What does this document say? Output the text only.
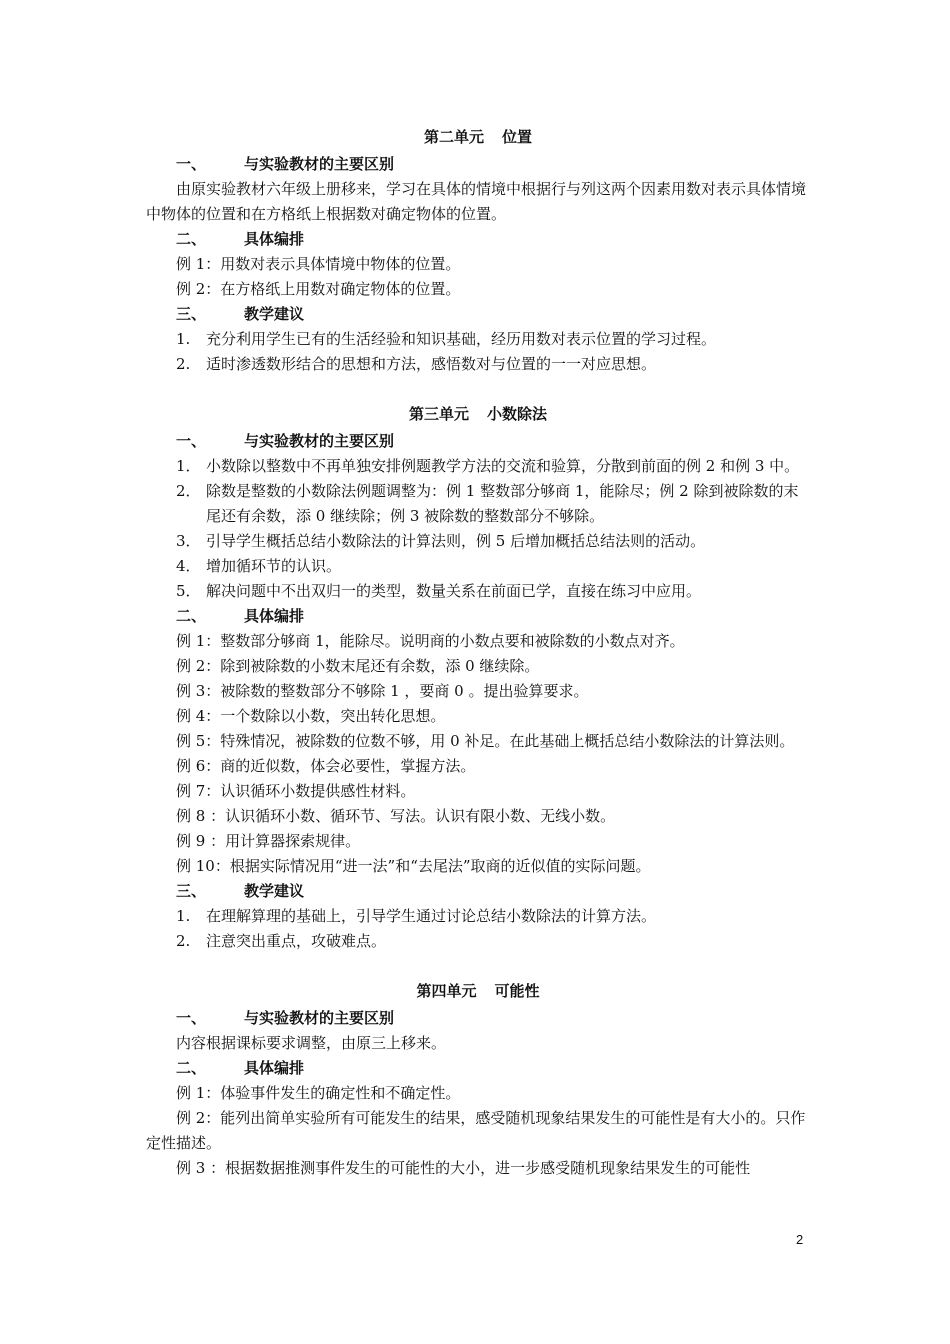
第二单元 位置
一、	与实验教材的主要区别
由原实验教材六年级上册移来，学习在具体的情境中根据行与列这两个因素用数对表示具体情境中物体的位置和在方格纸上根据数对确定物体的位置。
二、	具体编排
例 1：用数对表示具体情境中物体的位置。
例 2：在方格纸上用数对确定物体的位置。
三、	教学建议
1.	充分利用学生已有的生活经验和知识基础，经历用数对表示位置的学习过程。
2.	适时渗透数形结合的思想和方法，感悟数对与位置的一一对应思想。
第三单元 小数除法
一、	与实验教材的主要区别
1． 小数除以整数中不再单独安排例题教学方法的交流和验算，分散到前面的例 2 和例 3 中。
2． 除数是整数的小数除法例题调整为：例 1 整数部分够商 1，能除尽；例 2 除到被除数的末尾还有余数，添 0 继续除；例 3 被除数的整数部分不够除。
3． 引导学生概括总结小数除法的计算法则，例 5 后增加概括总结法则的活动。
4． 增加循环节的认识。
5． 解决问题中不出双归一的类型，数量关系在前面已学，直接在练习中应用。
二、	具体编排
例 1：整数部分够商 1，能除尽。说明商的小数点要和被除数的小数点对齐。
例 2：除到被除数的小数末尾还有余数，添 0 继续除。
例 3：被除数的整数部分不够除 1 ，要商 0 。提出验算要求。
例 4：一个数除以小数，突出转化思想。
例 5：特殊情况，被除数的位数不够，用 0 补足。在此基础上概括总结小数除法的计算法则。
例 6：商的近似数，体会必要性，掌握方法。
例 7：认识循环小数提供感性材料。
例 8 ：认识循环小数、循环节、写法。认识有限小数、无线小数。
例 9 ：用计算器探索规律。
例 10：根据实际情况用“进一法”和“去尾法”取商的近似值的实际问题。
三、	教学建议
1.	在理解算理的基础上，引导学生通过讨论总结小数除法的计算方法。
2.	注意突出重点，攻破难点。
第四单元 可能性
一、	与实验教材的主要区别
内容根据课标要求调整，由原三上移来。
二、	具体编排
例 1：体验事件发生的确定性和不确定性。
例 2：能列出简单实验所有可能发生的结果，感受随机现象结果发生的可能性是有大小的。只作定性描述。
例 3 ：根据数据推测事件发生的可能性的大小，进一步感受随机现象结果发生的可能性
2
